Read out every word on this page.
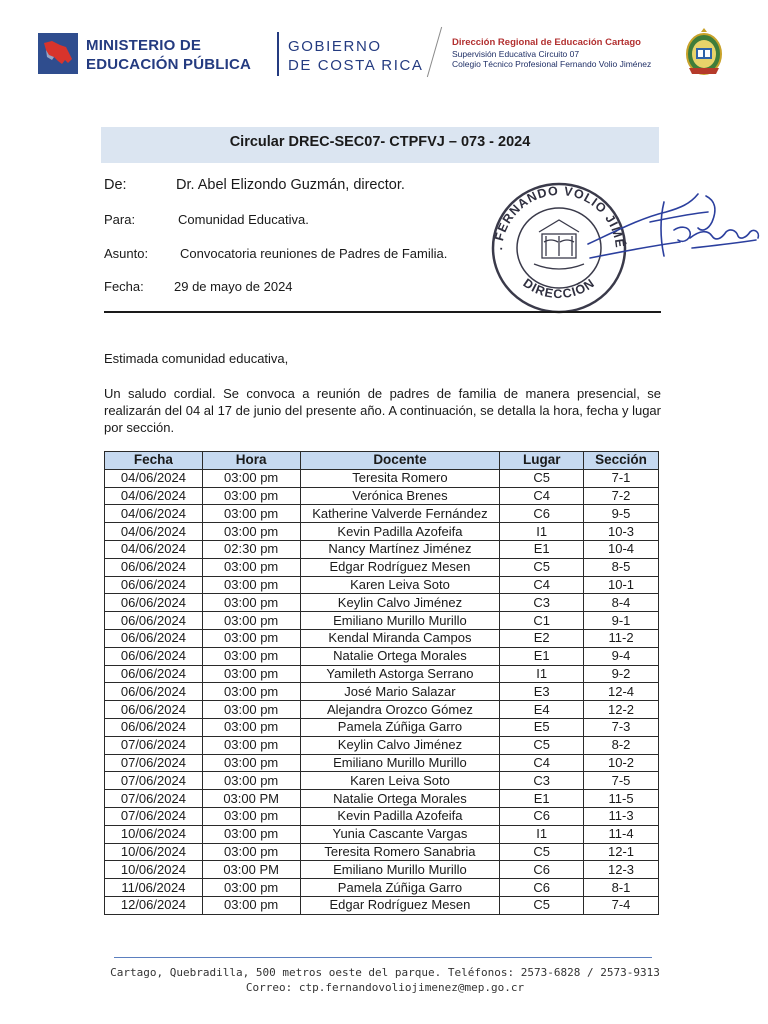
MINISTERIO DE
EDUCACIÓN PÚBLICA
GOBIERNO
DE COSTA RICA
Dirección Regional de Educación Cartago
Supervisión Educativa Circuito 07
Colegio Técnico Profesional Fernando Volio Jiménez
Circular DREC-SEC07- CTPFVJ – 073 - 2024
De:	Dr. Abel Elizondo Guzmán, director.
Para:	Comunidad Educativa.
Asunto: Convocatoria reuniones de Padres de Familia.
Fecha: 29 de mayo de 2024
. FERNANDO VOLIO JIMÉ
DIRECCIÓN
Estimada comunidad educativa,
Un saludo cordial. Se convoca a reunión de padres de familia de manera presencial, se realizarán del 04 al 17 de junio del presente año. A continuación, se detalla la hora, fecha y lugar por sección.
Fecha	Hora	Docente	Lugar	Sección
04/06/2024	03:00 pm	Teresita Romero	C5	7-1
04/06/2024	03:00 pm	Verónica Brenes	C4	7-2
04/06/2024	03:00 pm	Katherine Valverde Fernández	C6	9-5
04/06/2024	03:00 pm	Kevin Padilla Azofeifa	I1	10-3
04/06/2024	02:30 pm	Nancy Martínez Jiménez	E1	10-4
06/06/2024	03:00 pm	Edgar Rodríguez Mesen	C5	8-5
06/06/2024	03:00 pm	Karen Leiva Soto	C4	10-1
06/06/2024	03:00 pm	Keylin Calvo Jiménez	C3	8-4
06/06/2024	03:00 pm	Emiliano Murillo Murillo	C1	9-1
06/06/2024	03:00 pm	Kendal Miranda Campos	E2	11-2
06/06/2024	03:00 pm	Natalie Ortega Morales	E1	9-4
06/06/2024	03:00 pm	Yamileth Astorga Serrano	I1	9-2
06/06/2024	03:00 pm	José Mario Salazar	E3	12-4
06/06/2024	03:00 pm	Alejandra Orozco Gómez	E4	12-2
06/06/2024	03:00 pm	Pamela Zúñiga Garro	E5	7-3
07/06/2024	03:00 pm	Keylin Calvo Jiménez	C5	8-2
07/06/2024	03:00 pm	Emiliano Murillo Murillo	C4	10-2
07/06/2024	03:00 pm	Karen Leiva Soto	C3	7-5
07/06/2024	03:00 PM	Natalie Ortega Morales	E1	11-5
07/06/2024	03:00 pm	Kevin Padilla Azofeifa	C6	11-3
10/06/2024	03:00 pm	Yunia Cascante Vargas	I1	11-4
10/06/2024	03:00 pm	Teresita Romero Sanabria	C5	12-1
10/06/2024	03:00 PM	Emiliano Murillo Murillo	C6	12-3
11/06/2024	03:00 pm	Pamela Zúñiga Garro	C6	8-1
12/06/2024	03:00 pm	Edgar Rodríguez Mesen	C5	7-4
Cartago, Quebradilla, 500 metros oeste del parque. Teléfonos: 2573-6828 / 2573-9313
Correo: ctp.fernandovoliojimenez@mep.go.cr
